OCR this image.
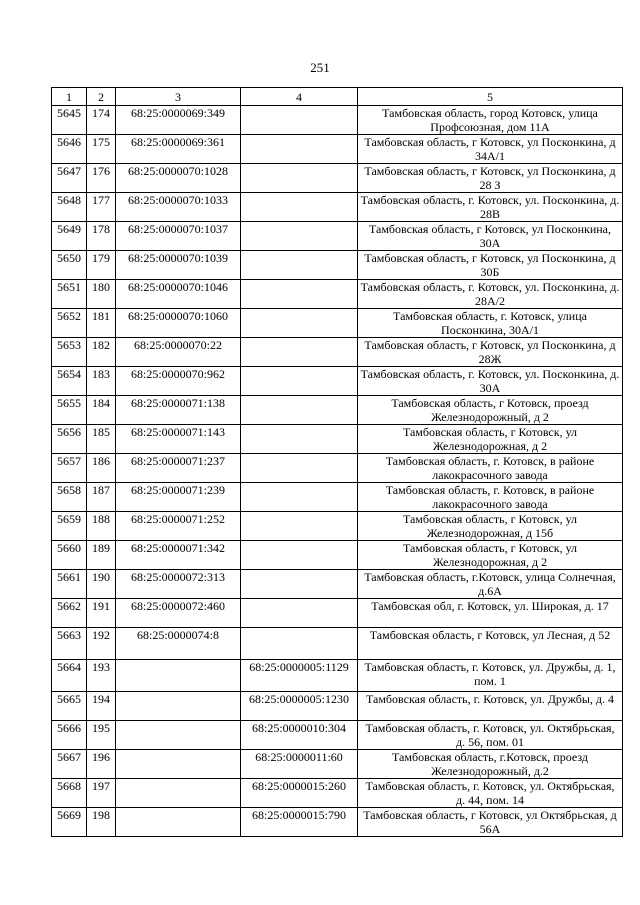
251
1	2	3	4	5
5645	174	68:25:0000069:349		Тамбовская область, город Котовск, улица Профсоюзная, дом 11А
5646	175	68:25:0000069:361		Тамбовская область, г Котовск, ул Посконкина, д 34А/1
5647	176	68:25:0000070:1028		Тамбовская область, г Котовск, ул Посконкина, д 28 З
5648	177	68:25:0000070:1033		Тамбовская область, г. Котовск, ул. Посконкина, д. 28В
5649	178	68:25:0000070:1037		Тамбовская область, г Котовск, ул Посконкина, 30А
5650	179	68:25:0000070:1039		Тамбовская область, г Котовск, ул Посконкина, д 30Б
5651	180	68:25:0000070:1046		Тамбовская область, г. Котовск, ул. Посконкина, д. 28А/2
5652	181	68:25:0000070:1060		Тамбовская область, г. Котовск, улица Посконкина, 30А/1
5653	182	68:25:0000070:22		Тамбовская область, г Котовск, ул Посконкина, д 28Ж
5654	183	68:25:0000070:962		Тамбовская область, г. Котовск, ул. Посконкина, д. 30А
5655	184	68:25:0000071:138		Тамбовская область, г Котовск, проезд Железнодорожный, д 2
5656	185	68:25:0000071:143		Тамбовская область, г Котовск, ул Железнодорожная, д 2
5657	186	68:25:0000071:237		Тамбовская область, г. Котовск, в районе лакокрасочного завода
5658	187	68:25:0000071:239		Тамбовская область, г. Котовск, в районе лакокрасочного завода
5659	188	68:25:0000071:252		Тамбовская область, г Котовск, ул Железнодорожная, д 15б
5660	189	68:25:0000071:342		Тамбовская область, г Котовск, ул Железнодорожная, д 2
5661	190	68:25:0000072:313		Тамбовская область, г.Котовск, улица Солнечная, д.6А
5662	191	68:25:0000072:460		Тамбовская обл, г. Котовск, ул. Широкая, д. 17
5663	192	68:25:0000074:8		Тамбовская область, г Котовск, ул Лесная, д 52
5664	193		68:25:0000005:1129	Тамбовская область, г. Котовск, ул. Дружбы, д. 1, пом. 1
5665	194		68:25:0000005:1230	Тамбовская область, г. Котовск, ул. Дружбы, д. 4
5666	195		68:25:0000010:304	Тамбовская область, г. Котовск, ул. Октябрьская, д. 56, пом. 01
5667	196		68:25:0000011:60	Тамбовская область, г.Котовск, проезд Железнодорожный, д.2
5668	197		68:25:0000015:260	Тамбовская область, г. Котовск, ул. Октябрьская, д. 44, пом. 14
5669	198		68:25:0000015:790	Тамбовская область, г Котовск, ул Октябрьская, д 56А
